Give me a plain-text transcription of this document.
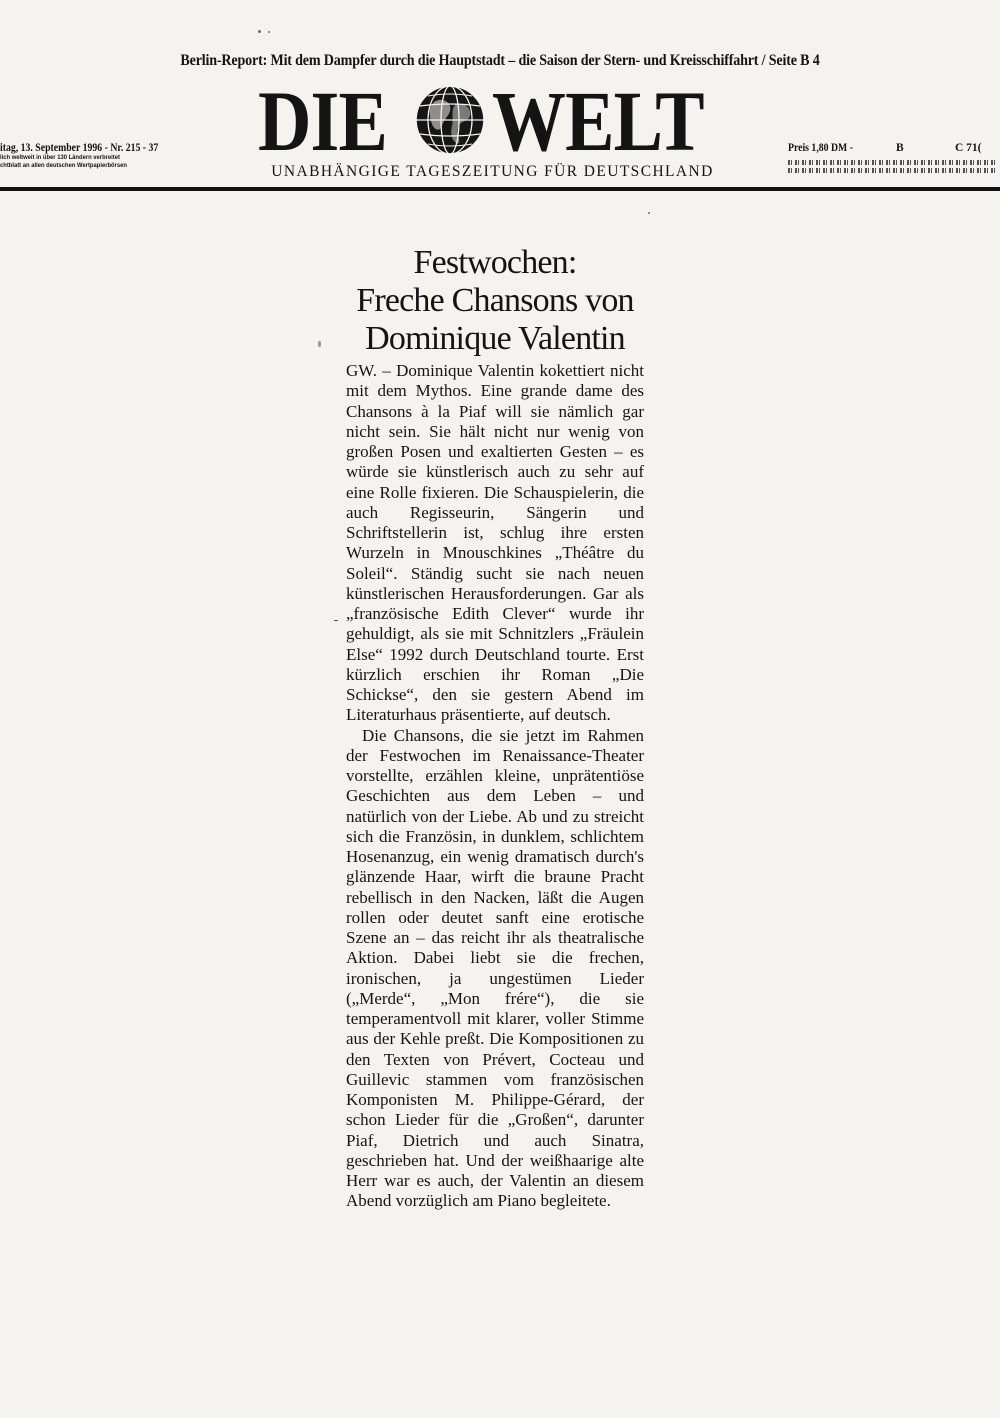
Berlin-Report: Mit dem Dampfer durch die Hauptstadt – die Saison der Stern- und Kreisschiffahrt / Seite B 4
DIE WELT
UNABHÄNGIGE TAGESZEITUNG FÜR DEUTSCHLAND
itag, 13. September 1996 - Nr. 215 - 37
lich weltweit in über 130 Ländern verbreitet
chtblatt an allen deutschen Wertpapierbörsen
Preis 1,80 DM -	B	C 71(
Festwochen:
Freche Chansons von
Dominique Valentin

GW. – Dominique Valentin kokettiert nicht mit dem Mythos. Eine grande dame des Chansons à la Piaf will sie nämlich gar nicht sein. Sie hält nicht nur wenig von großen Posen und exaltierten Gesten – es würde sie künstlerisch auch zu sehr auf eine Rolle fixieren. Die Schauspielerin, die auch Regisseurin, Sängerin und Schriftstellerin ist, schlug ihre ersten Wurzeln in Mnouschkines „Théâtre du Soleil“. Ständig sucht sie nach neuen künstlerischen Herausforderungen. Gar als „französische Edith Clever“ wurde ihr gehuldigt, als sie mit Schnitzlers „Fräulein Else“ 1992 durch Deutschland tourte. Erst kürzlich erschien ihr Roman „Die Schickse“, den sie gestern Abend im Literaturhaus präsentierte, auf deutsch.

Die Chansons, die sie jetzt im Rahmen der Festwochen im Renaissance-Theater vorstellte, erzählen kleine, unprätentiöse Geschichten aus dem Leben – und natürlich von der Liebe. Ab und zu streicht sich die Französin, in dunklem, schlichtem Hosenanzug, ein wenig dramatisch durch's glänzende Haar, wirft die braune Pracht rebellisch in den Nacken, läßt die Augen rollen oder deutet sanft eine erotische Szene an – das reicht ihr als theatralische Aktion. Dabei liebt sie die frechen, ironischen, ja ungestümen Lieder („Merde“, „Mon frére“), die sie temperamentvoll mit klarer, voller Stimme aus der Kehle preßt. Die Kompositionen zu den Texten von Prévert, Cocteau und Guillevic stammen vom französischen Komponisten M. Philippe-Gérard, der schon Lieder für die „Großen“, darunter Piaf, Dietrich und auch Sinatra, geschrieben hat. Und der weißhaarige alte Herr war es auch, der Valentin an diesem Abend vorzüglich am Piano begleitete.
